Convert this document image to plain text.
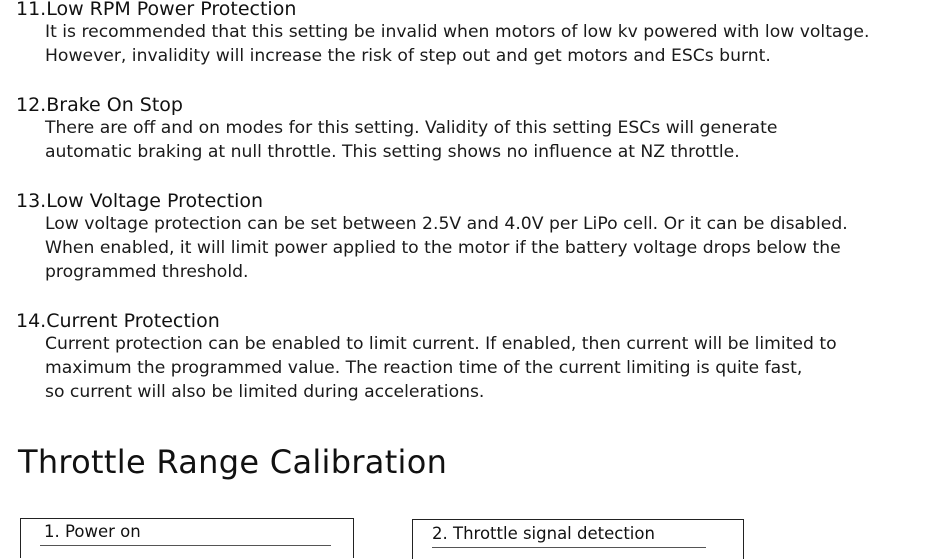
11.Low RPM Power Protection
It is recommended that this setting be invalid when motors of low kv powered with low voltage.
However, invalidity will increase the risk of step out and get motors and ESCs burnt.
12.Brake On Stop
There are off and on modes for this setting. Validity of this setting ESCs will generate
automatic braking at null throttle. This setting shows no influence at NZ throttle.
13.Low Voltage Protection
Low voltage protection can be set between 2.5V and 4.0V per LiPo cell. Or it can be disabled.
When enabled, it will limit power applied to the motor if the battery voltage drops below the
programmed threshold.
14.Current Protection
Current protection can be enabled to limit current. If enabled, then current will be limited to
maximum the programmed value. The reaction time of the current limiting is quite fast,
so current will also be limited during accelerations.
Throttle Range Calibration
1. Power on	2. Throttle signal detection
